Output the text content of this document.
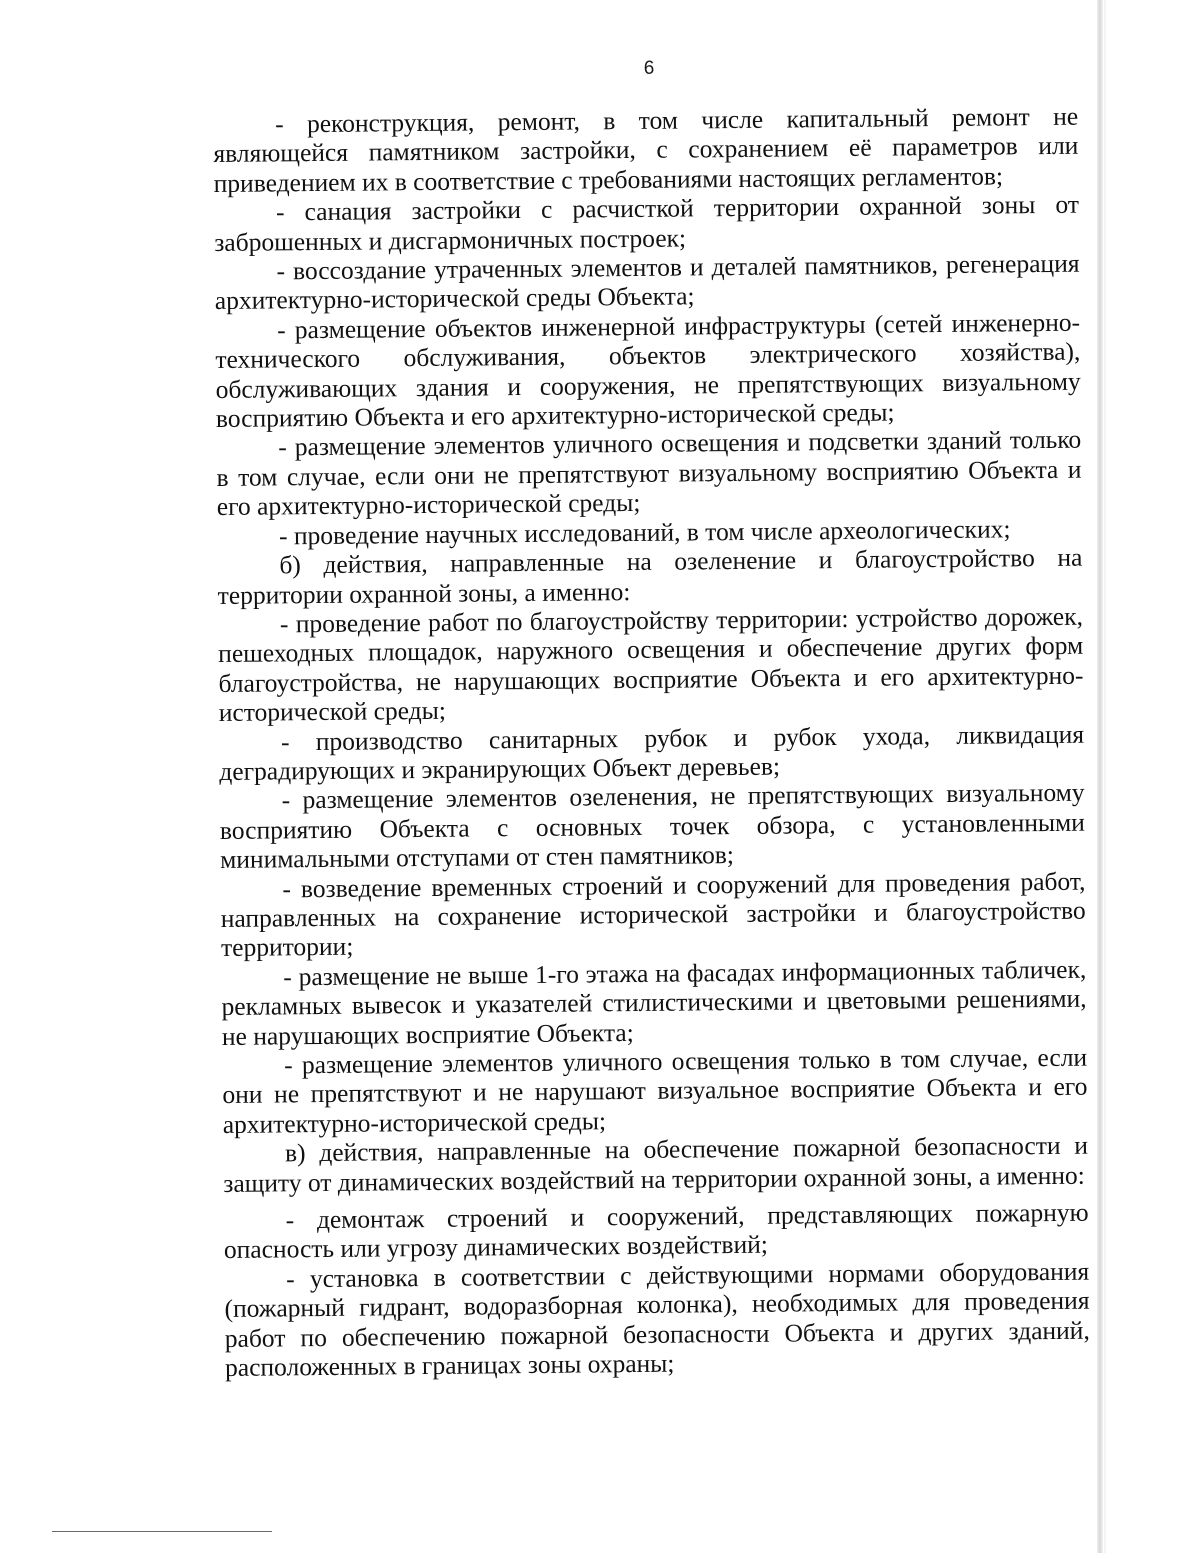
6

- реконструкция, ремонт, в том числе капитальный ремонт не являющейся памятником застройки, с сохранением её параметров или приведением их в соответствие с требованиями настоящих регламентов;

- санация застройки с расчисткой территории охранной зоны от заброшенных и дисгармоничных построек;

- воссоздание утраченных элементов и деталей памятников, регенерация архитектурно-исторической среды Объекта;

- размещение объектов инженерной инфраструктуры (сетей инженерно-технического обслуживания, объектов электрического хозяйства), обслуживающих здания и сооружения, не препятствующих визуальному восприятию Объекта и его архитектурно-исторической среды;

- размещение элементов уличного освещения и подсветки зданий только в том случае, если они не препятствуют визуальному восприятию Объекта и его архитектурно-исторической среды;

- проведение научных исследований, в том числе археологических;

б) действия, направленные на озеленение и благоустройство на территории охранной зоны, а именно:

- проведение работ по благоустройству территории: устройство дорожек, пешеходных площадок, наружного освещения и обеспечение других форм благоустройства, не нарушающих восприятие Объекта и его архитектурно-исторической среды;

- производство санитарных рубок и рубок ухода, ликвидация деградирующих и экранирующих Объект деревьев;

- размещение элементов озеленения, не препятствующих визуальному восприятию Объекта с основных точек обзора, с установленными минимальными отступами от стен памятников;

- возведение временных строений и сооружений для проведения работ, направленных на сохранение исторической застройки и благоустройство территории;

- размещение не выше 1-го этажа на фасадах информационных табличек, рекламных вывесок и указателей стилистическими и цветовыми решениями, не нарушающих восприятие Объекта;

- размещение элементов уличного освещения только в том случае, если они не препятствуют и не нарушают визуальное восприятие Объекта и его архитектурно-исторической среды;

в) действия, направленные на обеспечение пожарной безопасности и защиту от динамических воздействий на территории охранной зоны, а именно:

- демонтаж строений и сооружений, представляющих пожарную опасность или угрозу динамических воздействий;

- установка в соответствии с действующими нормами оборудования (пожарный гидрант, водоразборная колонка), необходимых для проведения работ по обеспечению пожарной безопасности Объекта и других зданий, расположенных в границах зоны охраны;
